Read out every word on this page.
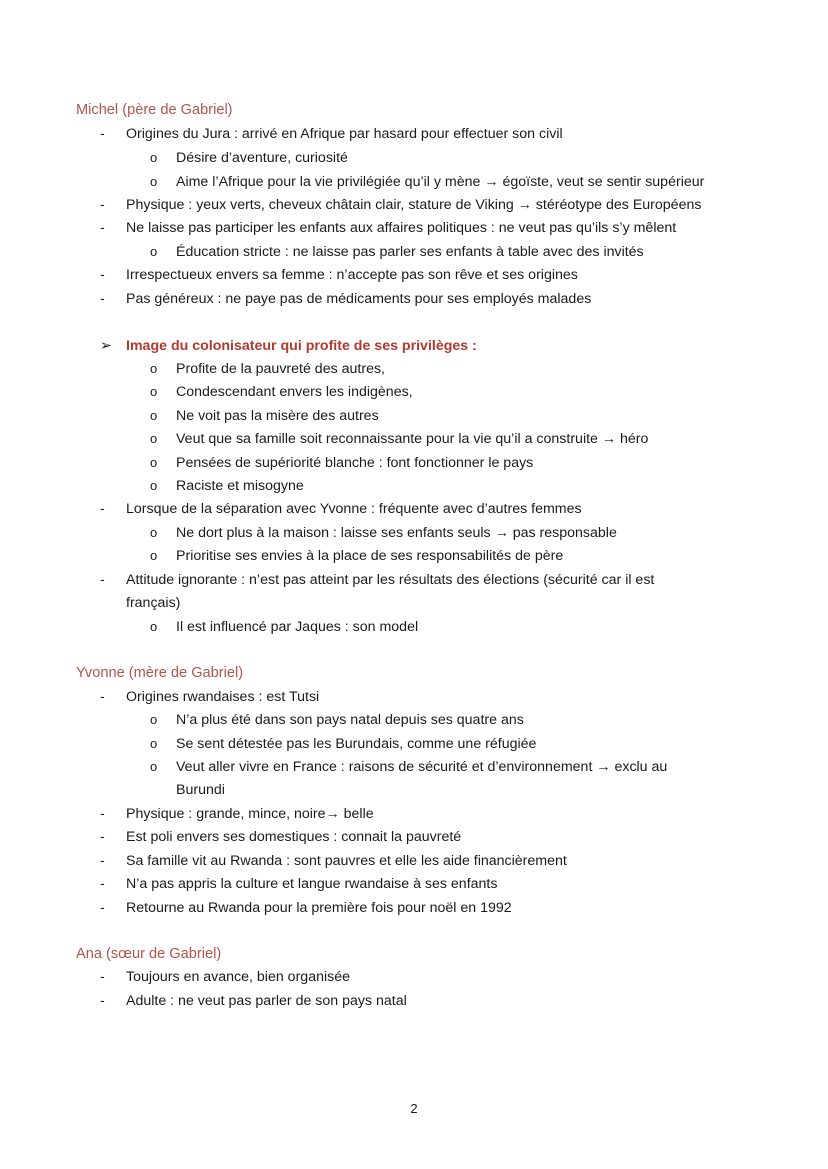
Michel (père de Gabriel)
-	Origines du Jura : arrivé en Afrique par hasard pour effectuer son civil
o Désire d’aventure, curiosité
o Aime l’Afrique pour la vie privilégiée qu’il y mène → égoïste, veut se sentir supérieur
-	Physique : yeux verts, cheveux châtain clair, stature de Viking → stéréotype des Européens
-	Ne laisse pas participer les enfants aux affaires politiques : ne veut pas qu’ils s’y mêlent
o Éducation stricte : ne laisse pas parler ses enfants à table avec des invités
-	Irrespectueux envers sa femme : n’accepte pas son rêve et ses origines
-	Pas généreux : ne paye pas de médicaments pour ses employés malades
➢ Image du colonisateur qui profite de ses privilèges :
o Profite de la pauvreté des autres,
o Condescendant envers les indigènes,
o Ne voit pas la misère des autres
o Veut que sa famille soit reconnaissante pour la vie qu’il a construite → héro
o Pensées de supériorité blanche : font fonctionner le pays
o Raciste et misogyne
-	Lorsque de la séparation avec Yvonne : fréquente avec d’autres femmes
o Ne dort plus à la maison : laisse ses enfants seuls → pas responsable
o Prioritise ses envies à la place de ses responsabilités de père
-	Attitude ignorante : n’est pas atteint par les résultats des élections (sécurité car il est
français)
o Il est influencé par Jaques : son model
Yvonne (mère de Gabriel)
-	Origines rwandaises : est Tutsi
o N’a plus été dans son pays natal depuis ses quatre ans
o Se sent détestée pas les Burundais, comme une réfugiée
o Veut aller vivre en France : raisons de sécurité et d’environnement → exclu au
Burundi
-	Physique : grande, mince, noire→ belle
-	Est poli envers ses domestiques : connait la pauvreté
-	Sa famille vit au Rwanda : sont pauvres et elle les aide financièrement
-	N’a pas appris la culture et langue rwandaise à ses enfants
-	Retourne au Rwanda pour la première fois pour noël en 1992
Ana (sœur de Gabriel)
-	Toujours en avance, bien organisée
-	Adulte : ne veut pas parler de son pays natal
2
